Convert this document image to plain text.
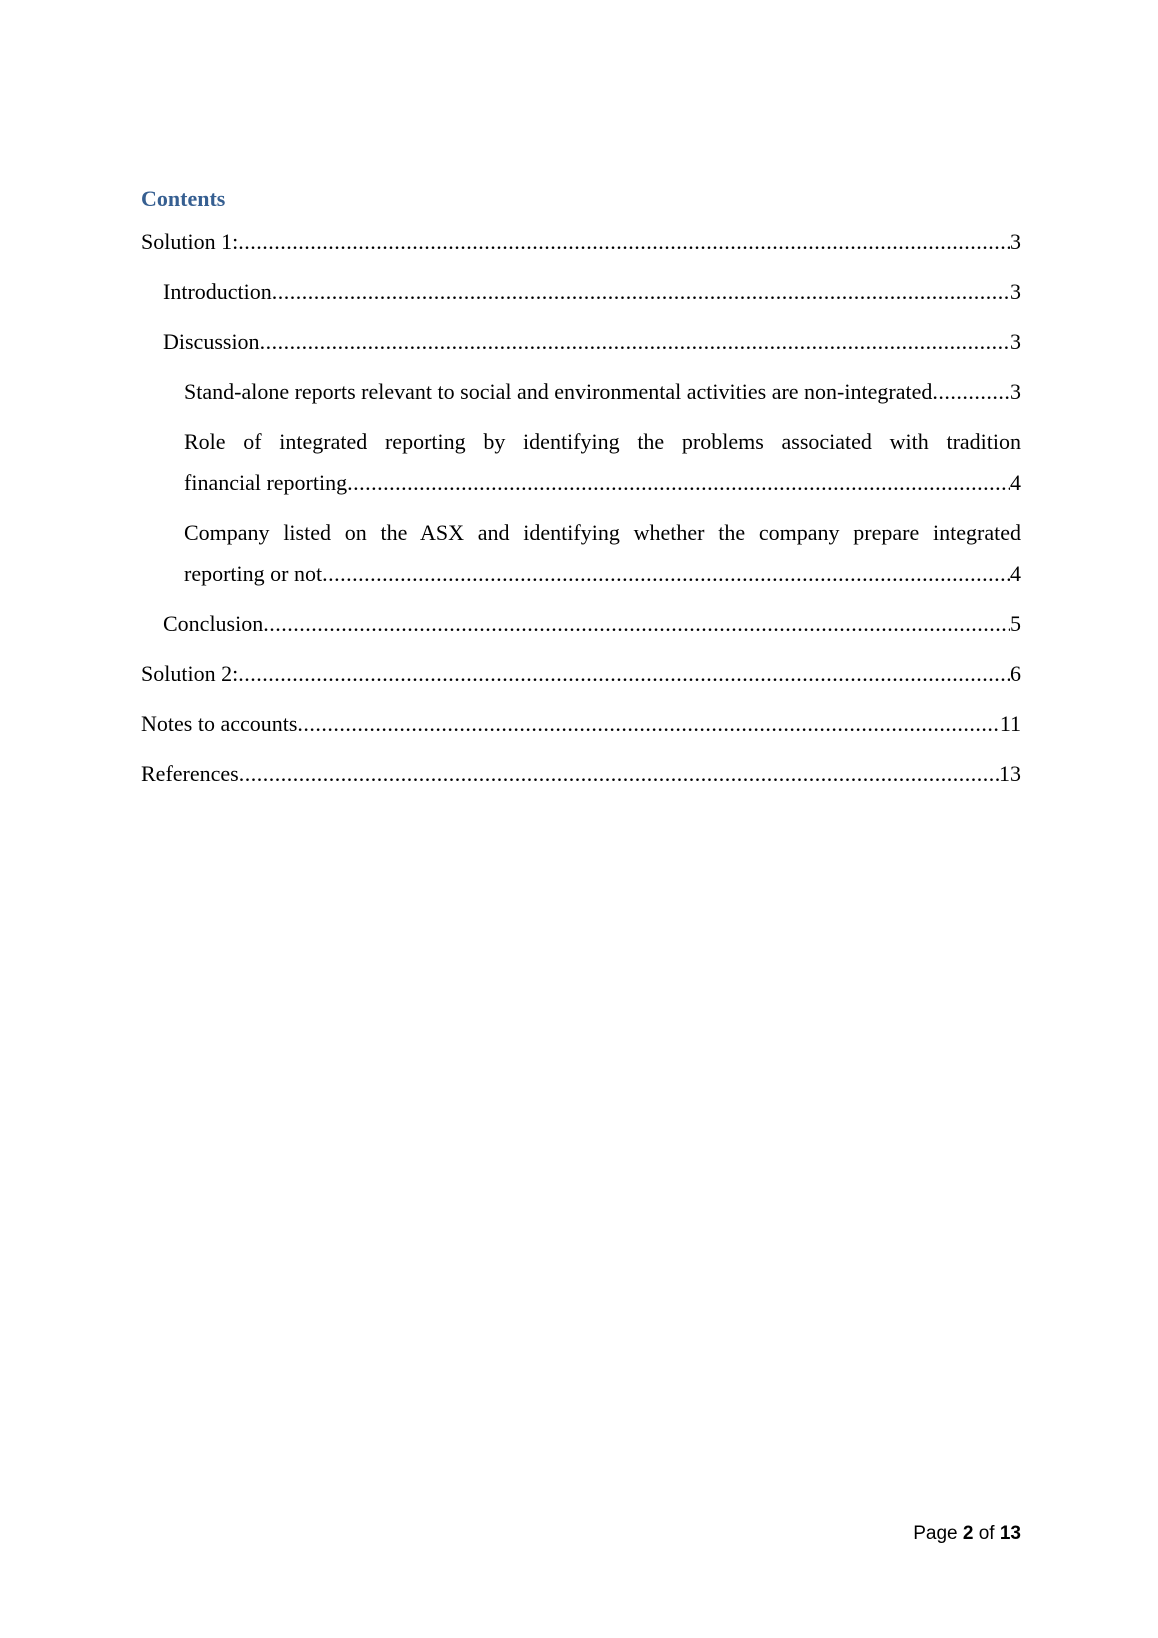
Contents
Solution 1: .....	3
Introduction .....	3
Discussion .....	3
Stand-alone reports relevant to social and environmental activities are non-integrated .....	3
Role of integrated reporting by identifying the problems associated with tradition
financial reporting .....	4
Company listed on the ASX and identifying whether the company prepare integrated
reporting or not .....	4
Conclusion .....	5
Solution 2: .....	6
Notes to accounts .....	11
References .....	13
Page 2 of 13
